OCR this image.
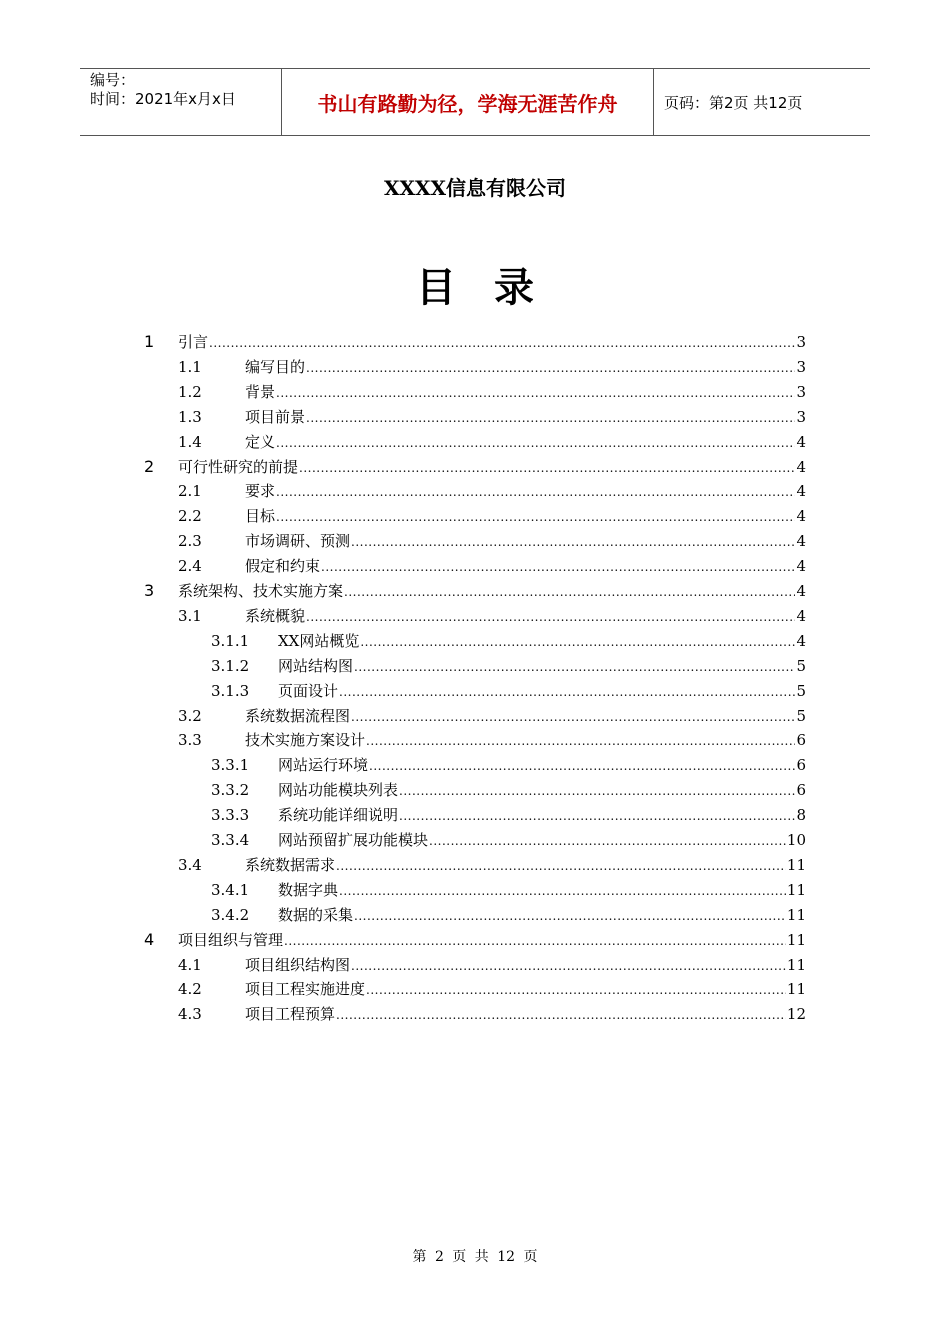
编号：
时间：2021年x月x日	书山有路勤为径，学海无涯苦作舟	页码：第2页 共12页
XXXX信息有限公司
目录
1 引言 .....	3
1.1	编写目的 .....	3
1.2	背景 .....	3
1.3	项目前景 .....	3
1.4	定义 .....	4
2 可行性研究的前提 .....	4
2.1	要求 .....	4
2.2	目标 .....	4
2.3	市场调研、预测 .....	4
2.4	假定和约束 .....	4
3 系统架构、技术实施方案 .....	4
3.1	系统概貌 .....	4
3.1.1 XX网站概览 .....	4
3.1.2 网站结构图 .....	5
3.1.3 页面设计 .....	5
3.2	系统数据流程图 .....	5
3.3	技术实施方案设计 .....	6
3.3.1 网站运行环境 .....	6
3.3.2 网站功能模块列表 .....	6
3.3.3 系统功能详细说明 .....	8
3.3.4 网站预留扩展功能模块 .....	10
3.4	系统数据需求 .....	11
3.4.1 数据字典 .....	11
3.4.2 数据的采集 .....	11
4 项目组织与管理 .....	11
4.1	项目组织结构图 .....	11
4.2	项目工程实施进度 .....	11
4.3	项目工程预算 .....	12
第 2 页 共 12 页
